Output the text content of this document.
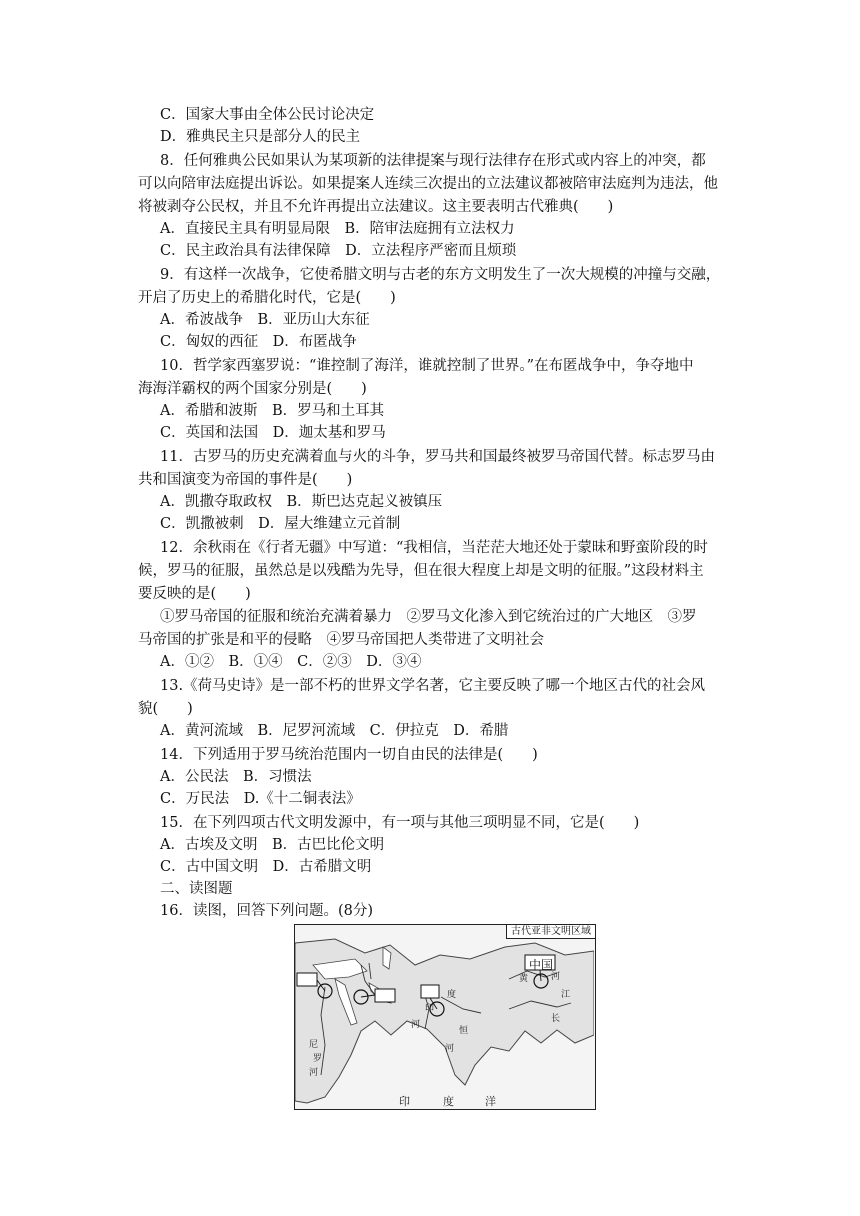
C．国家大事由全体公民讨论决定
D．雅典民主只是部分人的民主
8．任何雅典公民如果认为某项新的法律提案与现行法律存在形式或内容上的冲突，都
可以向陪审法庭提出诉讼。如果提案人连续三次提出的立法建议都被陪审法庭判为违法，他
将被剥夺公民权，并且不允许再提出立法建议。这主要表明古代雅典(　　)
A．直接民主具有明显局限　B．陪审法庭拥有立法权力
C．民主政治具有法律保障　D．立法程序严密而且烦琐
9．有这样一次战争，它使希腊文明与古老的东方文明发生了一次大规模的冲撞与交融，
开启了历史上的希腊化时代，它是(　　)
A．希波战争　B．亚历山大东征
C．匈奴的西征　D．布匿战争
10．哲学家西塞罗说：“谁控制了海洋，谁就控制了世界。”在布匿战争中，争夺地中
海海洋霸权的两个国家分别是(　　)
A．希腊和波斯　B．罗马和土耳其
C．英国和法国　D．迦太基和罗马
11．古罗马的历史充满着血与火的斗争，罗马共和国最终被罗马帝国代替。标志罗马由
共和国演变为帝国的事件是(　　)
A．凯撒夺取政权　B．斯巴达克起义被镇压
C．凯撒被刺　D．屋大维建立元首制
12．余秋雨在《行者无疆》中写道：“我相信，当茫茫大地还处于蒙昧和野蛮阶段的时
候，罗马的征服，虽然总是以残酷为先导，但在很大程度上却是文明的征服。”这段材料主
要反映的是(　　)
①罗马帝国的征服和统治充满着暴力　②罗马文化渗入到它统治过的广大地区　③罗
马帝国的扩张是和平的侵略　④罗马帝国把人类带进了文明社会
A．①②　B．①④　C．②③　D．③④
13.《荷马史诗》是一部不朽的世界文学名著，它主要反映了哪一个地区古代的社会风
貌(　　)
A．黄河流域　B．尼罗河流域　C．伊拉克　D．希腊
14．下列适用于罗马统治范围内一切自由民的法律是(　　)
A．公民法　B．习惯法
C．万民法　D.《十二铜表法》
15．在下列四项古代文明发源中，有一项与其他三项明显不同，它是(　　)
A．古埃及文明　B．古巴比伦文明
C．古中国文明　D．古希腊文明
二、读图题
16．读图，回答下列问题。(8分)
古代亚非文明区域
中国
尼
罗
河
黄	河
长
江
印
度
河
恒
河
印	度	洋
